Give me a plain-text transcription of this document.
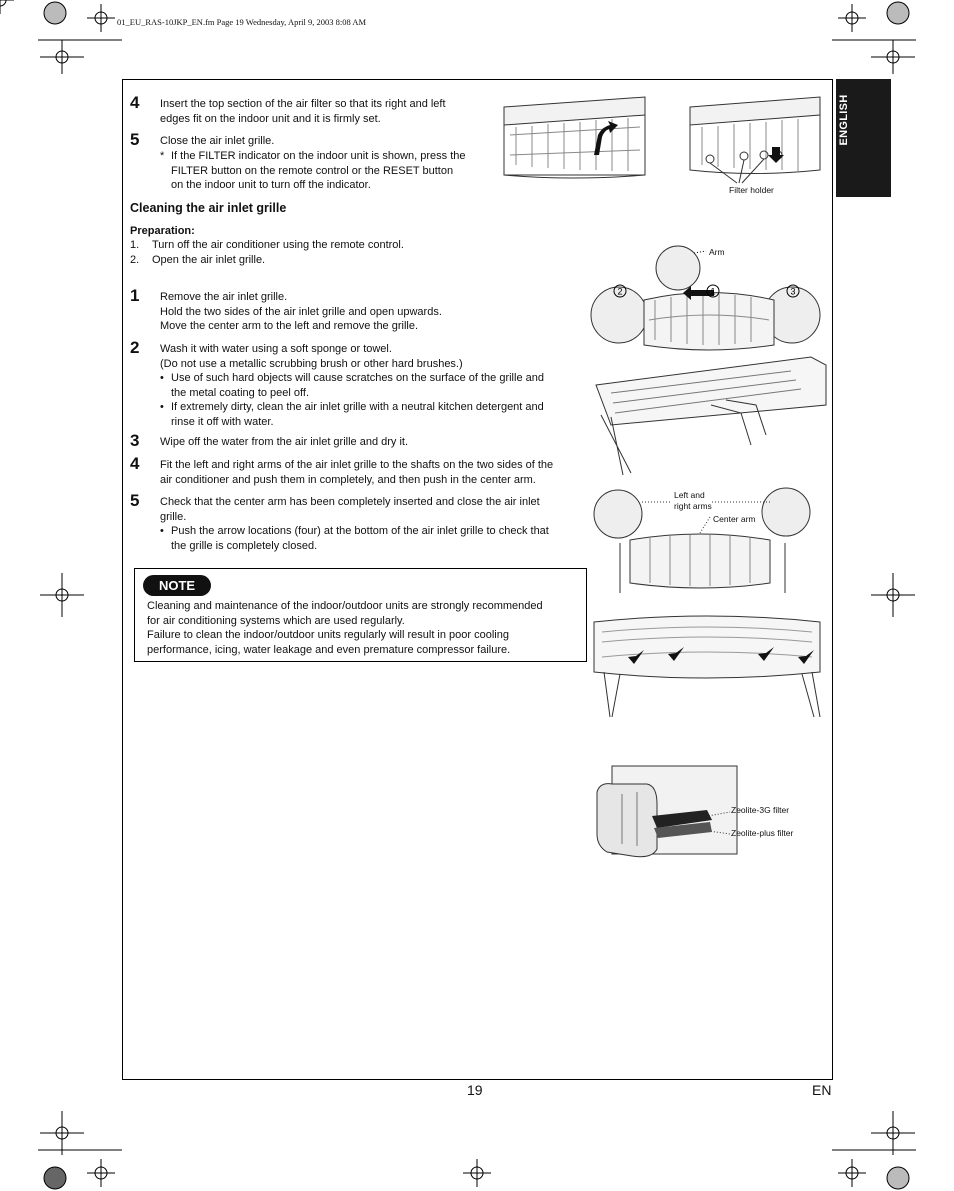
01_EU_RAS-10JKP_EN.fm Page 19 Wednesday, April 9, 2003 8:08 AM
ENGLISH
4 Insert the top section of the air filter so that its right and left
edges fit on the indoor unit and it is firmly set.
5 Close the air inlet grille.
* If the FILTER indicator on the indoor unit is shown, press the
FILTER button on the remote control or the RESET button
on the indoor unit to turn off the indicator.
Cleaning the air inlet grille
Preparation:
1.	Turn off the air conditioner using the remote control.
2.	Open the air inlet grille.
1 Remove the air inlet grille.
Hold the two sides of the air inlet grille and open upwards.
Move the center arm to the left and remove the grille.
2 Wash it with water using a soft sponge or towel.
(Do not use a metallic scrubbing brush or other hard brushes.)
• Use of such hard objects will cause scratches on the surface of the grille and
the metal coating to peel off.
• If extremely dirty, clean the air inlet grille with a neutral kitchen detergent and
rinse it off with water.
3 Wipe off the water from the air inlet grille and dry it.
4 Fit the left and right arms of the air inlet grille to the shafts on the two sides of the
air conditioner and push them in completely, and then push in the center arm.
5 Check that the center arm has been completely inserted and close the air inlet
grille.
• Push the arrow locations (four) at the bottom of the air inlet grille to check that
the grille is completely closed.
NOTE
Cleaning and maintenance of the indoor/outdoor units are strongly recommended
for air conditioning systems which are used regularly.
Failure to clean the indoor/outdoor units regularly will result in poor cooling
performance, icing, water leakage and even premature compressor failure.
Filter holder
2	1	3
Arm
Left and
right arms
Center arm
Zeolite-3G filter
Zeolite-plus filter
19	EN
